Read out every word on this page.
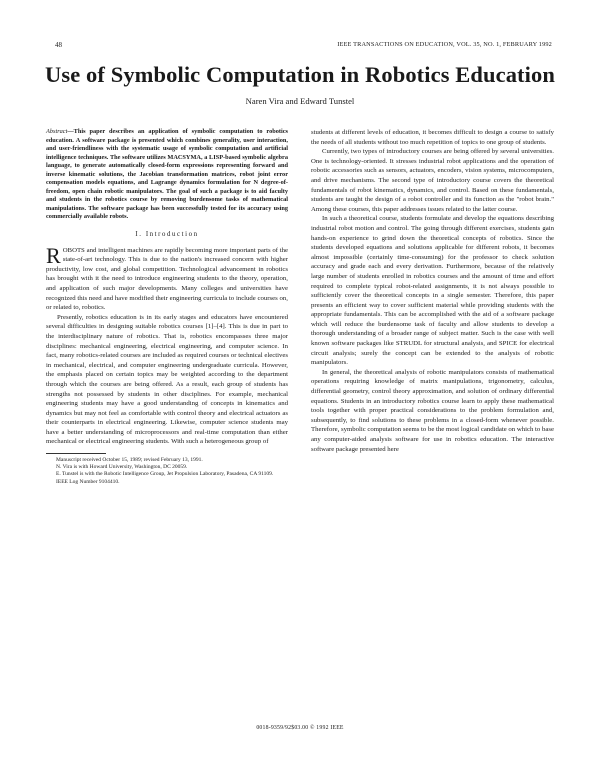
48	IEEE TRANSACTIONS ON EDUCATION, VOL. 35, NO. 1, FEBRUARY 1992
Use of Symbolic Computation in Robotics Education
Naren Vira and Edward Tunstel
Abstract—This paper describes an application of symbolic computation to robotics education. A software package is presented which combines generality, user interaction, and user-friendliness with the systematic usage of symbolic computation and artificial intelligence techniques. The software utilizes MACSYMA, a LISP-based symbolic algebra language, to generate automatically closed-form expressions representing forward and inverse kinematic solutions, the Jacobian transformation matrices, robot joint error compensation models equations, and Lagrange dynamics formulation for N degree-of-freedom, open chain robotic manipulators. The goal of such a package is to aid faculty and students in the robotics course by removing burdensome tasks of mathematical manipulations. The software package has been successfully tested for its accuracy using commercially available robots.
I. Introduction

ROBOTS and intelligent machines are rapidly becoming more important parts of the state-of-art technology. This is due to the nation's increased concern with higher productivity, low cost, and global competition. Technological advancement in robotics has brought with it the need to introduce engineering students to the theory, operation, and application of such major developments. Many colleges and universities have recognized this need and have modified their engineering curricula to include courses on, or related to, robotics.

Presently, robotics education is in its early stages and educators have encountered several difficulties in designing suitable robotics courses [1]–[4]. This is due in part to the interdisciplinary nature of robotics. That is, robotics encompasses three major disciplines: mechanical engineering, electrical engineering, and computer science. In fact, many robotics-related courses are included as required courses or technical electives in mechanical, electrical, and computer engineering undergraduate curricula. However, the emphasis placed on certain topics may be weighted according to the department through which the courses are being offered. As a result, each group of students has strengths not possessed by students in other disciplines. For example, mechanical engineering students may have a good understanding of concepts in kinematics and dynamics but may not feel as comfortable with control theory and electrical actuators as their counterparts in electrical engineering. Likewise, computer science students may have a better understanding of microprocessors and real-time computation than either mechanical or electrical engineering students. With such a heterogeneous group of

Manuscript received October 15, 1989; revised February 13, 1991.
N. Vira is with Howard University, Washington, DC 20059.
E. Tunstel is with the Robotic Intelligence Group, Jet Propulsion Laboratory, Pasadena, CA 91109.
IEEE Log Number 9104410.

students at different levels of education, it becomes difficult to design a course to satisfy the needs of all students without too much repetition of topics to one group of students.

Currently, two types of introductory courses are being offered by several universities. One is technology-oriented. It stresses industrial robot applications and the operation of robotic accessories such as sensors, actuators, encoders, vision systems, microcomputers, and drive mechanisms. The second type of introductory course covers the theoretical fundamentals of robot kinematics, dynamics, and control. Based on these fundamentals, students are taught the design of a robot controller and its function as the "robot brain." Among these courses, this paper addresses issues related to the latter course.

In such a theoretical course, students formulate and develop the equations describing industrial robot motion and control. The going through different exercises, students gain hands-on experience to grind down the theoretical concepts of robotics. Since the students developed equations and solutions applicable for different robots, it becomes almost impossible (certainly time-consuming) for the professor to check solution accuracy and grade each and every derivation. Furthermore, because of the relatively large number of students enrolled in robotics courses and the amount of time and effort required to complete typical robot-related assignments, it is not always possible to sufficiently cover the theoretical concepts in a single semester. Therefore, this paper presents an efficient way to cover sufficient material while providing students with the appropriate fundamentals. This can be accomplished with the aid of a software package which will reduce the burdensome task of faculty and allow students to develop a thorough understanding of a broader range of subject matter. Such is the case with well known software packages like STRUDL for structural analysis, and SPICE for electrical circuit analysis; surely the concept can be extended to the analysis of robotic manipulators.

In general, the theoretical analysis of robotic manipulators consists of mathematical operations requiring knowledge of matrix manipulations, trigonometry, calculus, differential geometry, control theory approximation, and solution of ordinary differential equations. Students in an introductory robotics course learn to apply these mathematical tools together with proper practical considerations to the problem formulation and, subsequently, to find solutions to these problems in a closed-form whenever possible. Therefore, symbolic computation seems to be the most logical candidate on which to base any computer-aided analysis software for use in robotics education. The interactive software package presented here

0018-9359/92$03.00 © 1992 IEEE
